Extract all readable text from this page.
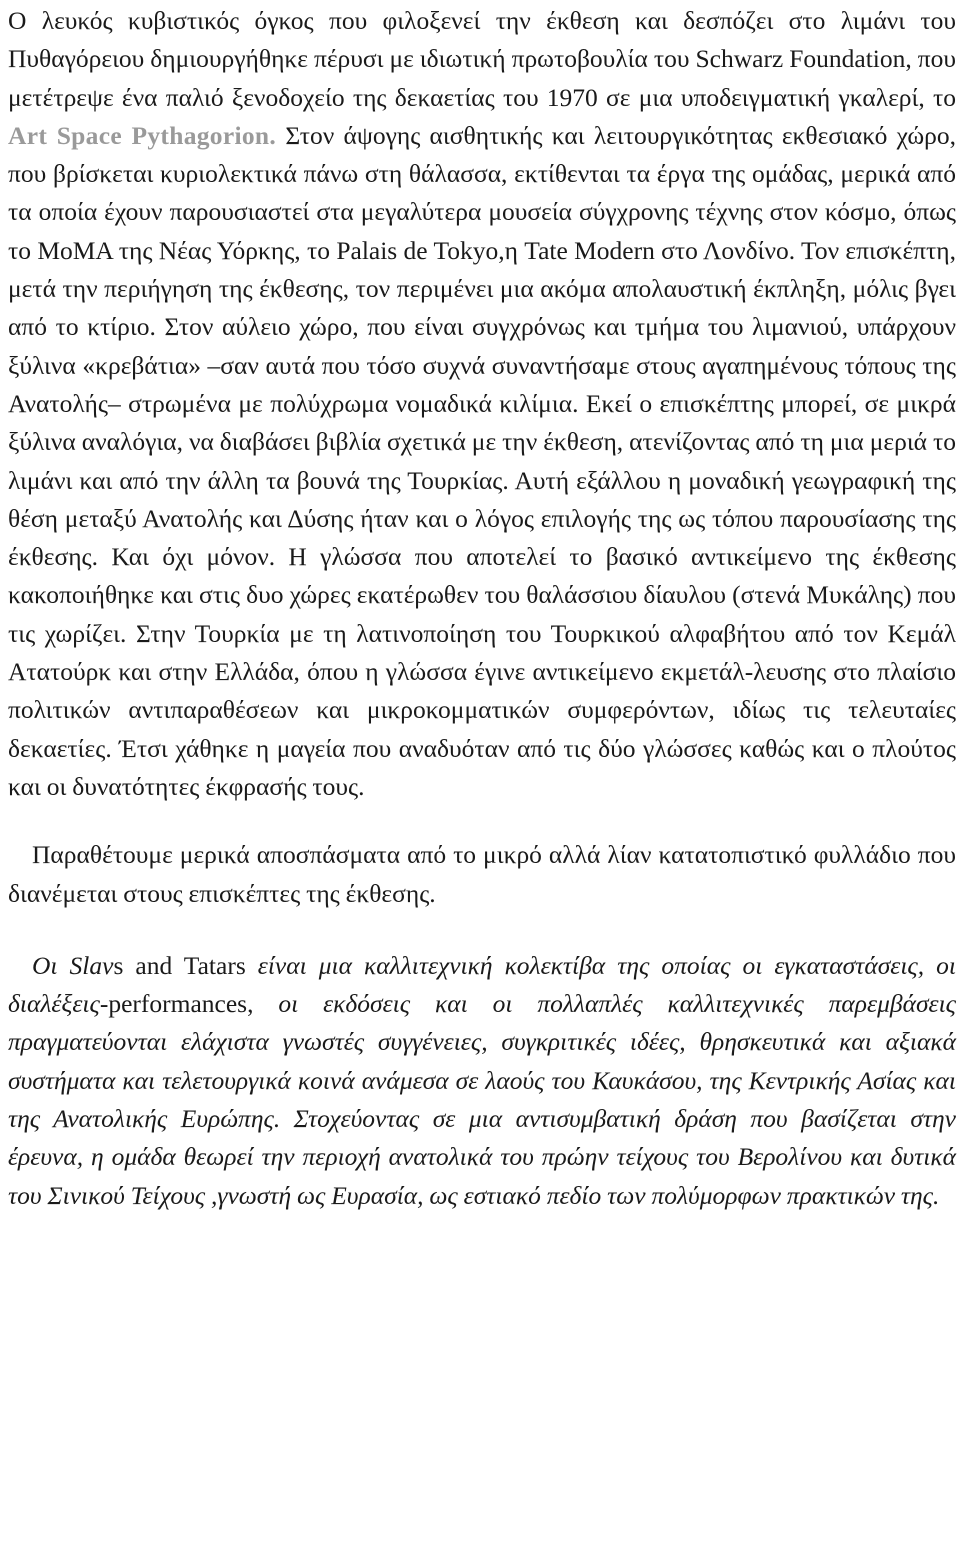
Ο λευκός κυβιστικός όγκος που φιλοξενεί την έκθεση και δεσπόζει στο λιμάνι του Πυθαγόρειου δημιουργήθηκε πέρυσι με ιδιωτική πρωτοβουλία του Schwarz Foundation, που μετέτρεψε ένα παλιό ξενοδοχείο της δεκαετίας του 1970 σε μια υποδειγματική γκαλερί, το Art Space Pythagorion. Στον άψογης αισθητικής και λειτουργικότητας εκθεσιακό χώρο, που βρίσκεται κυριολεκτικά πάνω στη θάλασσα, εκτίθενται τα έργα της ομάδας, μερικά από τα οποία έχουν παρουσιαστεί στα μεγαλύτερα μουσεία σύγχρονης τέχνης στον κόσμο, όπως το MoMA της Νέας Υόρκης, το Palais de Tokyo,η Tate Modern στο Λονδίνο. Τον επισκέπτη, μετά την περιήγηση της έκθεσης, τον περιμένει μια ακόμα απολαυστική έκπληξη, μόλις βγει από το κτίριο. Στον αύλειο χώρο, που είναι συγχρόνως και τμήμα του λιμανιού, υπάρχουν ξύλινα «κρεβάτια» –σαν αυτά που τόσο συχνά συναντήσαμε στους αγαπημένους τόπους της Ανατολής– στρωμένα με πολύχρωμα νομαδικά κιλίμια. Εκεί ο επισκέπτης μπορεί, σε μικρά ξύλινα αναλόγια, να διαβάσει βιβλία σχετικά με την έκθεση, ατενίζοντας από τη μια μεριά το λιμάνι και από την άλλη τα βουνά της Τουρκίας. Αυτή εξάλλου η μοναδική γεωγραφική της θέση μεταξύ Ανατολής και Δύσης ήταν και ο λόγος επιλογής της ως τόπου παρουσίασης της έκθεσης. Και όχι μόνον. Η γλώσσα που αποτελεί το βασικό αντικείμενο της έκθεσης κακοποιήθηκε και στις δυο χώρες εκατέρωθεν του θαλάσσιου δίαυλου (στενά Μυκάλης) που τις χωρίζει. Στην Τουρκία με τη λατινοποίηση του Τουρκικού αλφαβήτου από τον Κεμάλ Ατατούρκ και στην Ελλάδα, όπου η γλώσσα έγινε αντικείμενο εκμετάλ-λευσης στο πλαίσιο πολιτικών αντιπαραθέσεων και μικροκομματικών συμφερόντων, ιδίως τις τελευταίες δεκαετίες. Έτσι χάθηκε η μαγεία που αναδυόταν από τις δύο γλώσσες καθώς και ο πλούτος και οι δυνατότητες έκφρασής τους.

Παραθέτουμε μερικά αποσπάσματα από το μικρό αλλά λίαν κατατοπιστικό φυλλάδιο που διανέμεται στους επισκέπτες της έκθεσης.

Οι Slavs and Tatars είναι μια καλλιτεχνική κολεκτίβα της οποίας οι εγκαταστάσεις, οι διαλέξεις-performances, οι εκδόσεις και οι πολλαπλές καλλιτεχνικές παρεμβάσεις πραγματεύονται ελάχιστα γνωστές συγγένειες, συγκριτικές ιδέες, θρησκευτικά και αξιακά συστήματα και τελετουργικά κοινά ανάμεσα σε λαούς του Καυκάσου, της Κεντρικής Ασίας και της Ανατολικής Ευρώπης. Στοχεύοντας σε μια αντισυμβατική δράση που βασίζεται στην έρευνα, η ομάδα θεωρεί την περιοχή ανατολικά του πρώην τείχους του Βερολίνου και δυτικά του Σινικού Τείχους ,γνωστή ως Ευρασία, ως εστιακό πεδίο των πολύμορφων πρακτικών της.
